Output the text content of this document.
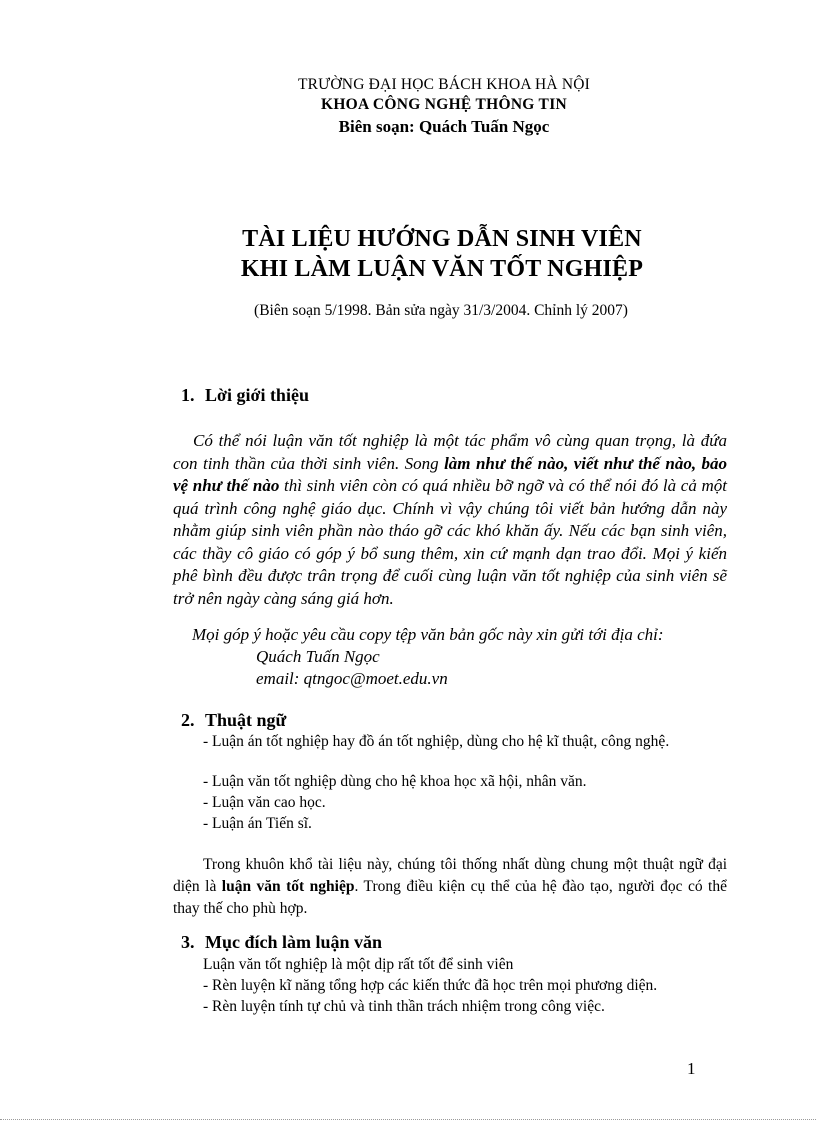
TRƯỜNG ĐẠI HỌC BÁCH KHOA HÀ NỘI
KHOA CÔNG NGHỆ THÔNG TIN
Biên soạn: Quách Tuấn Ngọc
TÀI LIỆU HƯỚNG DẪN SINH VIÊN
KHI LÀM LUẬN VĂN TỐT NGHIỆP
(Biên soạn 5/1998. Bản sửa ngày 31/3/2004. Chỉnh lý 2007)
1. Lời giới thiệu
Có thể nói luận văn tốt nghiệp là một tác phẩm vô cùng quan trọng, là đứa con tinh thần của thời sinh viên. Song làm như thế nào, viết như thế nào, bảo vệ như thế nào thì sinh viên còn có quá nhiều bỡ ngỡ và có thể nói đó là cả một quá trình công nghệ giáo dục. Chính vì vậy chúng tôi viết bản hướng dẫn này nhằm giúp sinh viên phần nào tháo gỡ các khó khăn ấy. Nếu các bạn sinh viên, các thầy cô giáo có góp ý bổ sung thêm, xin cứ mạnh dạn trao đổi. Mọi ý kiến phê bình đều được trân trọng để cuối cùng luận văn tốt nghiệp của sinh viên sẽ trở nên ngày càng sáng giá hơn.
Mọi góp ý hoặc yêu cầu copy tệp văn bản gốc này xin gửi tới địa chỉ:
Quách Tuấn Ngọc
email: qtngoc@moet.edu.vn
2. Thuật ngữ
- Luận án tốt nghiệp hay đồ án tốt nghiệp, dùng cho hệ kĩ thuật, công nghệ.
- Luận văn tốt nghiệp dùng cho hệ khoa học xã hội, nhân văn.
- Luận văn cao học.
- Luận án Tiến sĩ.
Trong khuôn khổ tài liệu này, chúng tôi thống nhất dùng chung một thuật ngữ đại diện là luận văn tốt nghiệp. Trong điều kiện cụ thể của hệ đào tạo, người đọc có thể thay thế cho phù hợp.
3. Mục đích làm luận văn
Luận văn tốt nghiệp là một dịp rất tốt để sinh viên
- Rèn luyện kĩ năng tổng hợp các kiến thức đã học trên mọi phương diện.
- Rèn luyện tính tự chủ và tinh thần trách nhiệm trong công việc.
1
